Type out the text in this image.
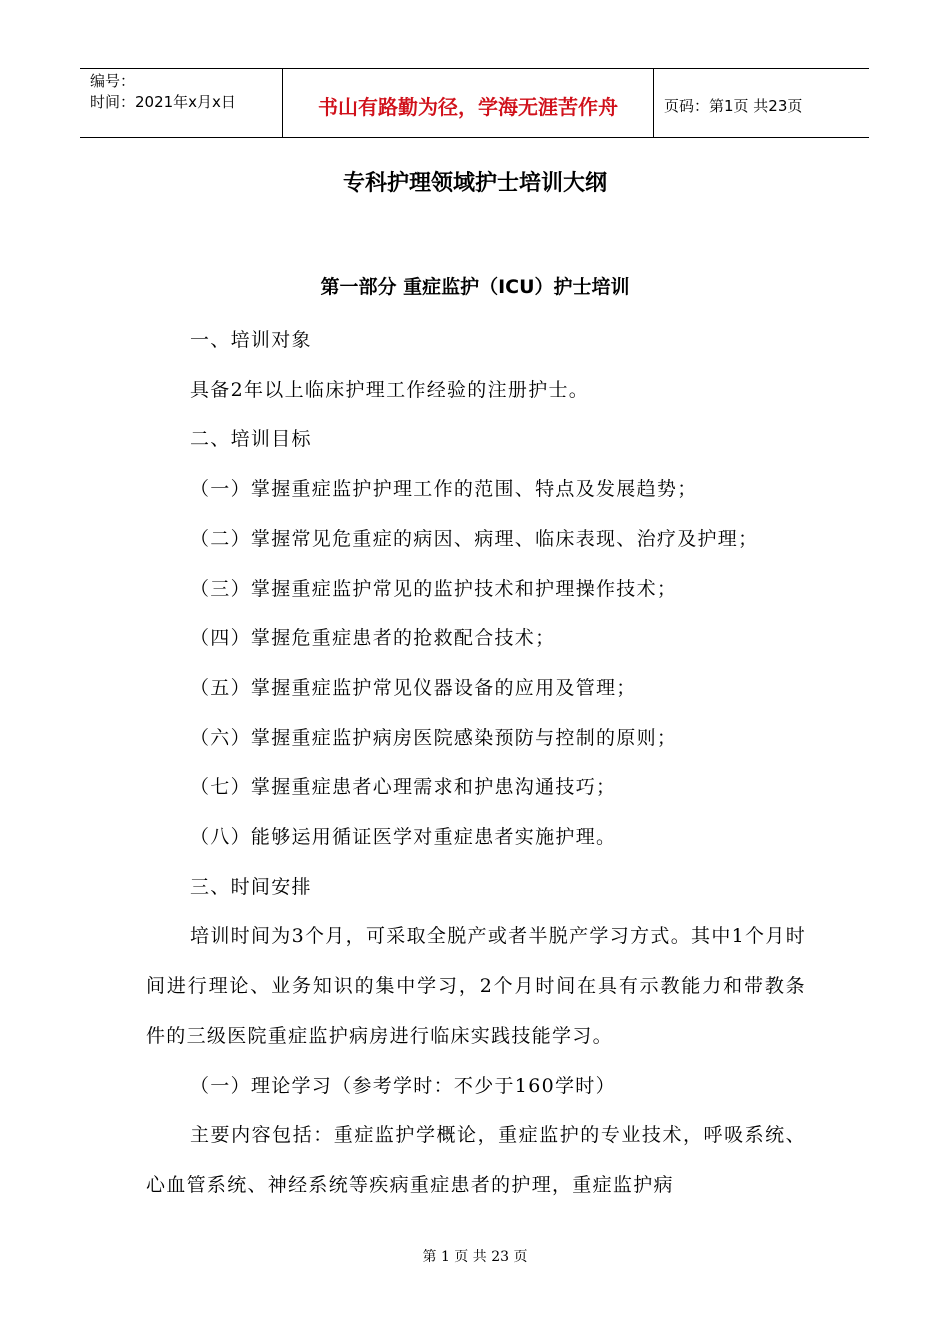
编号：
时间：2021年x月x日	书山有路勤为径，学海无涯苦作舟	页码：第1页 共23页
专科护理领域护士培训大纲
第一部分 重症监护（ICU）护士培训

一、培训对象

具备2年以上临床护理工作经验的注册护士。

二、培训目标

（一）掌握重症监护护理工作的范围、特点及发展趋势；

（二）掌握常见危重症的病因、病理、临床表现、治疗及护理；

（三）掌握重症监护常见的监护技术和护理操作技术；

（四）掌握危重症患者的抢救配合技术；

（五）掌握重症监护常见仪器设备的应用及管理；

（六）掌握重症监护病房医院感染预防与控制的原则；

（七）掌握重症患者心理需求和护患沟通技巧；

（八）能够运用循证医学对重症患者实施护理。

三、时间安排

培训时间为3个月，可采取全脱产或者半脱产学习方式。其中1个月时间进行理论、业务知识的集中学习，2个月时间在具有示教能力和带教条件的三级医院重症监护病房进行临床实践技能学习。

（一）理论学习（参考学时：不少于160学时）

主要内容包括：重症监护学概论，重症监护的专业技术，呼吸系统、心血管系统、神经系统等疾病重症患者的护理，重症监护病

第 1 页 共 23 页
